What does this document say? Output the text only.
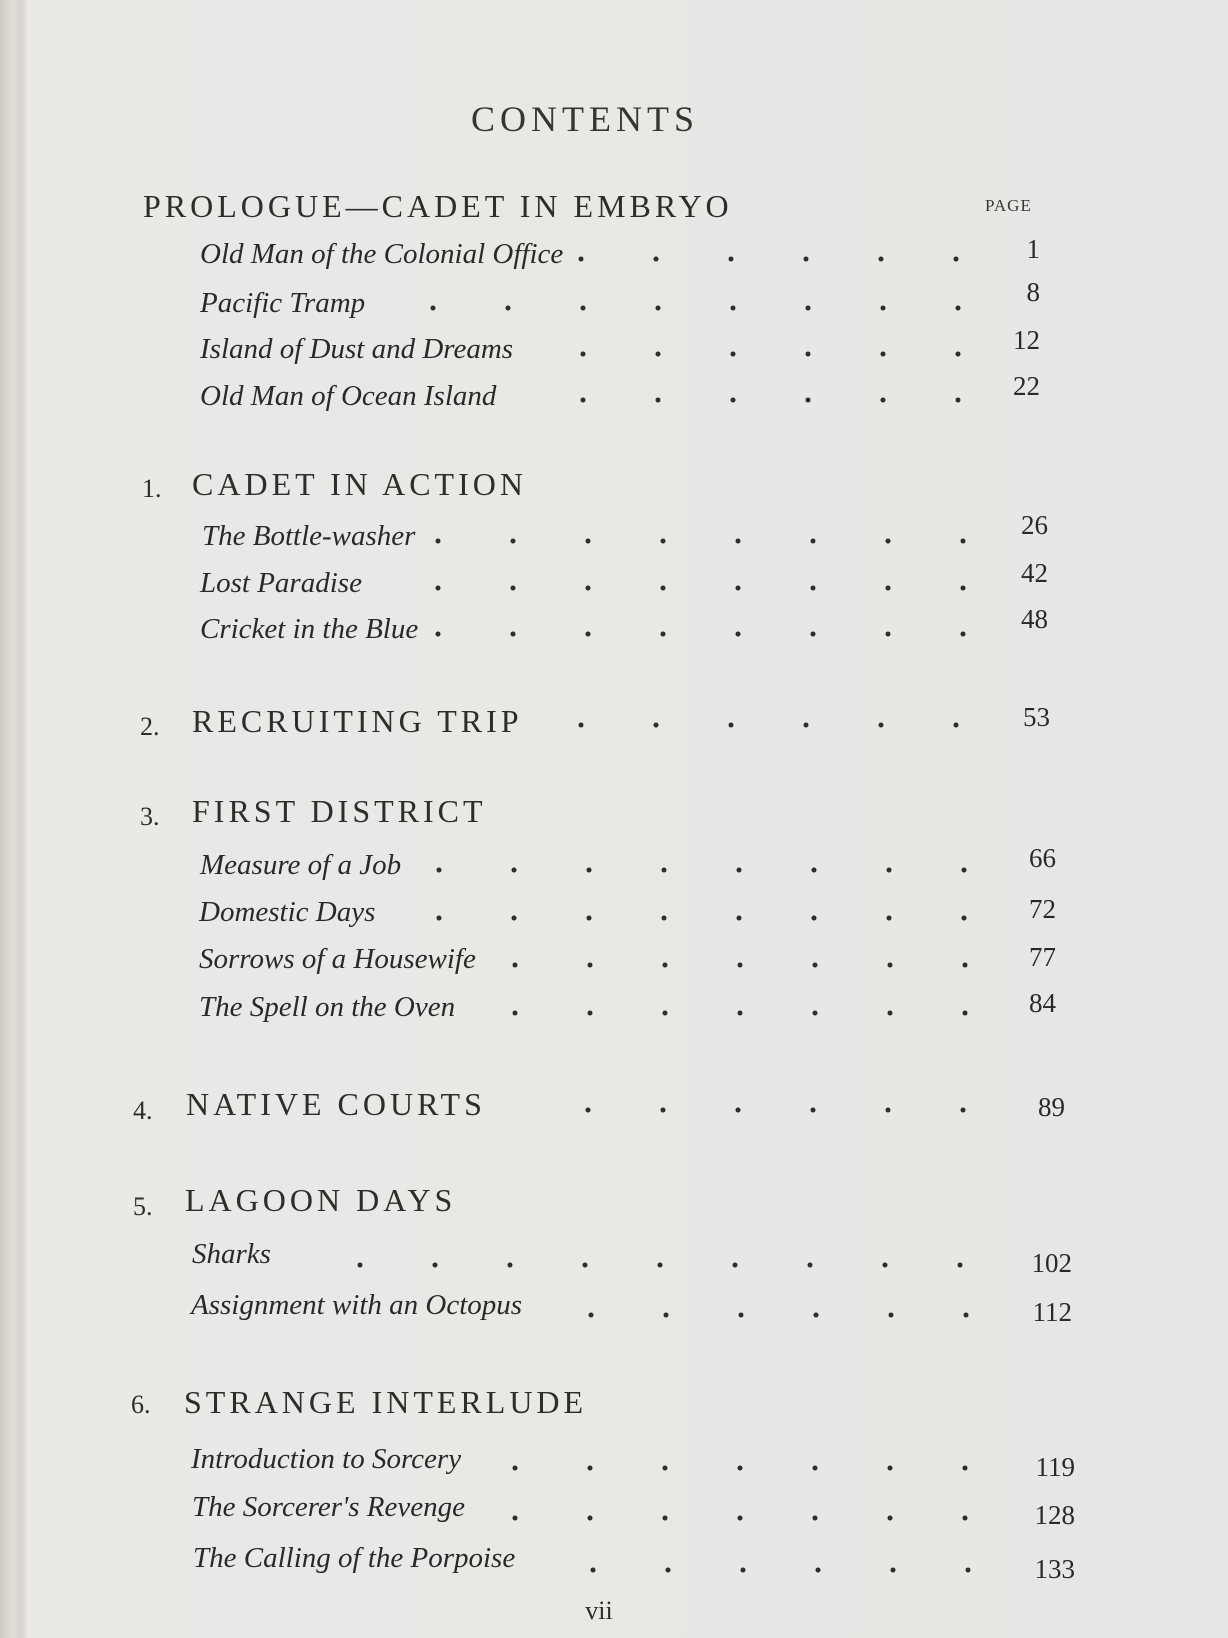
CONTENTS
PROLOGUE—CADET IN EMBRYO	PAGE
Old Man of the Colonial Office	1
Pacific Tramp	8
Island of Dust and Dreams	12
Old Man of Ocean Island	22
1. CADET IN ACTION
The Bottle-washer	26
Lost Paradise	42
Cricket in the Blue	48
2. RECRUITING TRIP	53
3. FIRST DISTRICT
Measure of a Job	66
Domestic Days	72
Sorrows of a Housewife	77
The Spell on the Oven	84
4. NATIVE COURTS	89
5. LAGOON DAYS
Sharks	102
Assignment with an Octopus	112
6. STRANGE INTERLUDE
Introduction to Sorcery	119
The Sorcerer's Revenge	128
The Calling of the Porpoise	133
vii
